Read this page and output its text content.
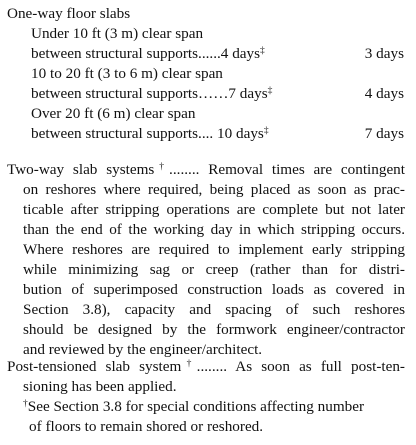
One-way floor slabs
Under 10 ft (3 m) clear span
between structural supports......4 days‡	3 days
10 to 20 ft (3 to 6 m) clear span
between structural supports……7 days‡	4 days
Over 20 ft (6 m) clear span
between structural supports.... 10 days‡	7 days
Two-way slab systems†........ Removal times are contingent
on reshores where required, being placed as soon as prac-
ticable after stripping operations are complete but not later
than the end of the working day in which stripping occurs.
Where reshores are required to implement early stripping
while minimizing sag or creep (rather than for distri-
bution of superimposed construction loads as covered in
Section 3.8), capacity and spacing of such reshores
should be designed by the formwork engineer/contractor
and reviewed by the engineer/architect.
Post-tensioned slab system†........ As soon as full post-ten-
sioning has been applied.
†See Section 3.8 for special conditions affecting number
of floors to remain shored or reshored.
